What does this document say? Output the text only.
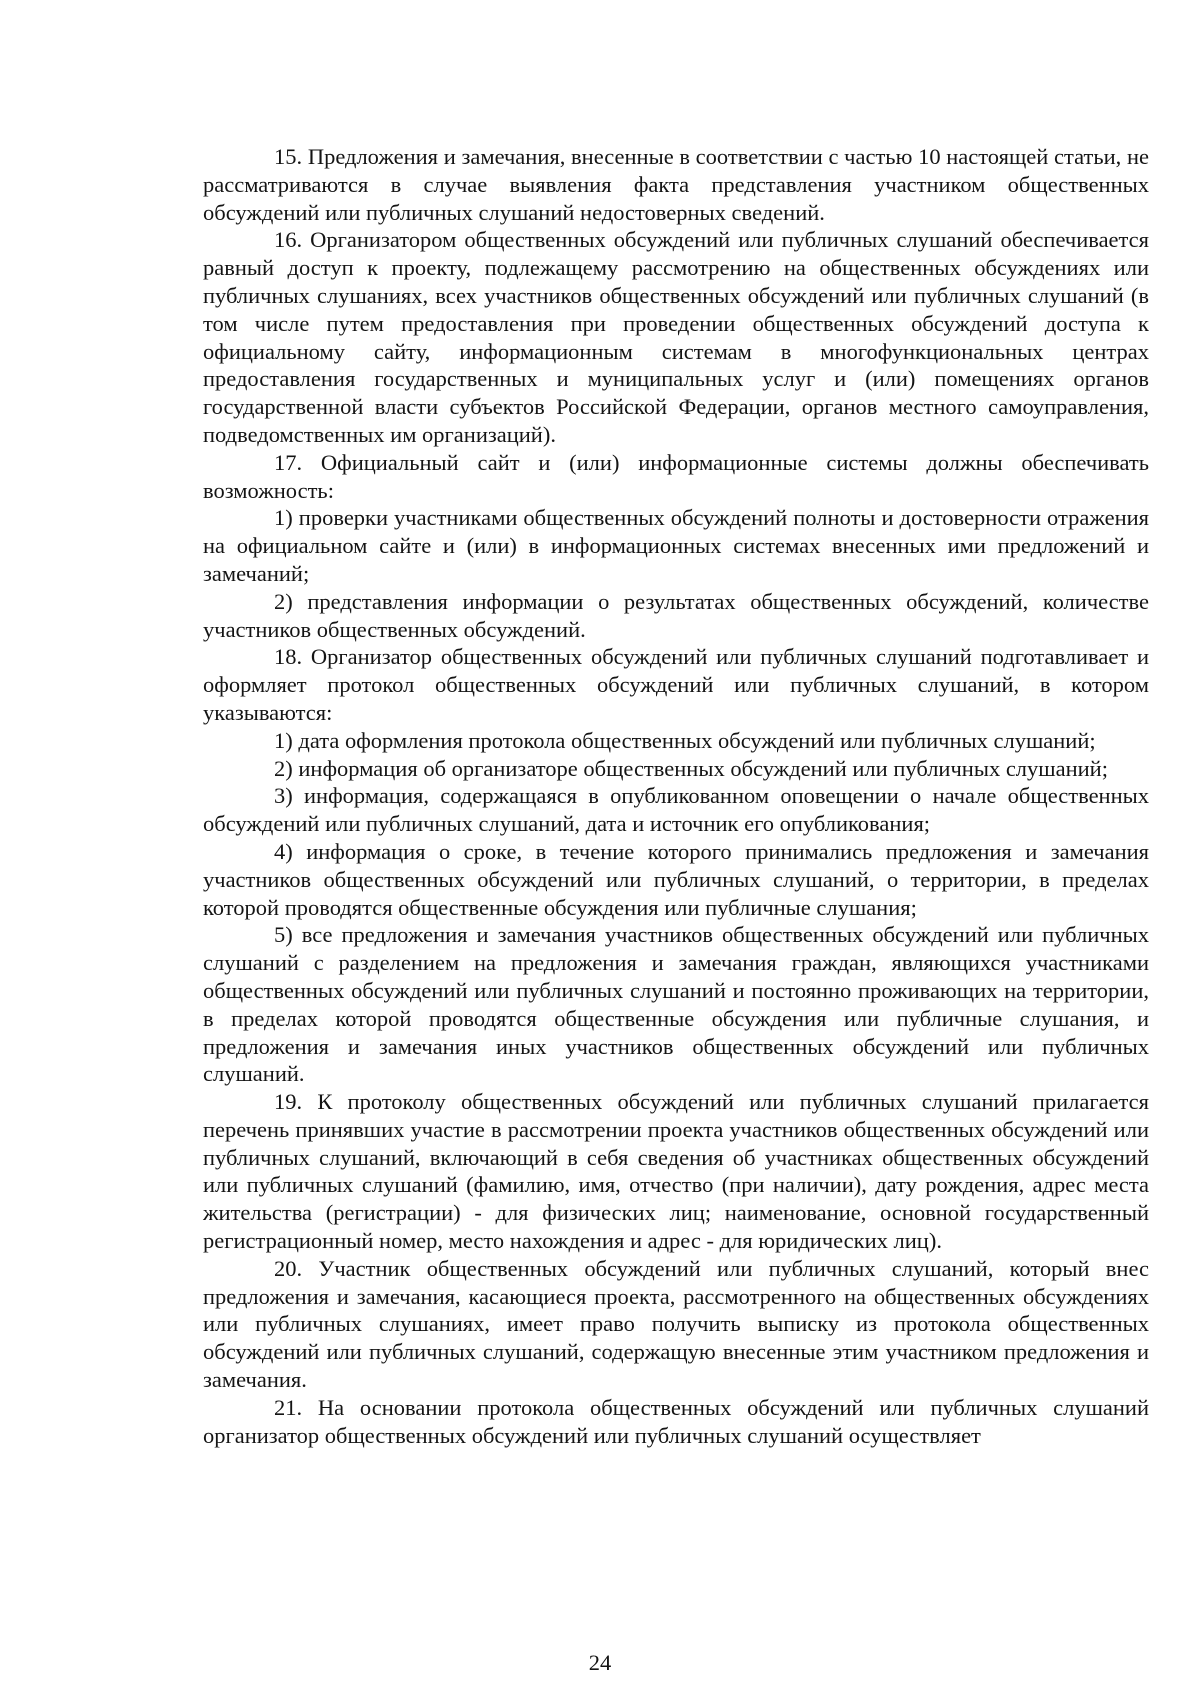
15. Предложения и замечания, внесенные в соответствии с частью 10 настоящей статьи, не рассматриваются в случае выявления факта представления участником общественных обсуждений или публичных слушаний недостоверных сведений.

16. Организатором общественных обсуждений или публичных слушаний обеспечивается равный доступ к проекту, подлежащему рассмотрению на общественных обсуждениях или публичных слушаниях, всех участников общественных обсуждений или публичных слушаний (в том числе путем предоставления при проведении общественных обсуждений доступа к официальному сайту, информационным системам в многофункциональных центрах предоставления государственных и муниципальных услуг и (или) помещениях органов государственной власти субъектов Российской Федерации, органов местного самоуправления, подведомственных им организаций).

17. Официальный сайт и (или) информационные системы должны обеспечивать возможность:

1) проверки участниками общественных обсуждений полноты и достоверности отражения на официальном сайте и (или) в информационных системах внесенных ими предложений и замечаний;

2) представления информации о результатах общественных обсуждений, количестве участников общественных обсуждений.

18. Организатор общественных обсуждений или публичных слушаний подготавливает и оформляет протокол общественных обсуждений или публичных слушаний, в котором указываются:

1) дата оформления протокола общественных обсуждений или публичных слушаний;

2) информация об организаторе общественных обсуждений или публичных слушаний;

3) информация, содержащаяся в опубликованном оповещении о начале общественных обсуждений или публичных слушаний, дата и источник его опубликования;

4) информация о сроке, в течение которого принимались предложения и замечания участников общественных обсуждений или публичных слушаний, о территории, в пределах которой проводятся общественные обсуждения или публичные слушания;

5) все предложения и замечания участников общественных обсуждений или публичных слушаний с разделением на предложения и замечания граждан, являющихся участниками общественных обсуждений или публичных слушаний и постоянно проживающих на территории, в пределах которой проводятся общественные обсуждения или публичные слушания, и предложения и замечания иных участников общественных обсуждений или публичных слушаний.

19. К протоколу общественных обсуждений или публичных слушаний прилагается перечень принявших участие в рассмотрении проекта участников общественных обсуждений или публичных слушаний, включающий в себя сведения об участниках общественных обсуждений или публичных слушаний (фамилию, имя, отчество (при наличии), дату рождения, адрес места жительства (регистрации) - для физических лиц; наименование, основной государственный регистрационный номер, место нахождения и адрес - для юридических лиц).

20. Участник общественных обсуждений или публичных слушаний, который внес предложения и замечания, касающиеся проекта, рассмотренного на общественных обсуждениях или публичных слушаниях, имеет право получить выписку из протокола общественных обсуждений или публичных слушаний, содержащую внесенные этим участником предложения и замечания.

21. На основании протокола общественных обсуждений или публичных слушаний организатор общественных обсуждений или публичных слушаний осуществляет

24
